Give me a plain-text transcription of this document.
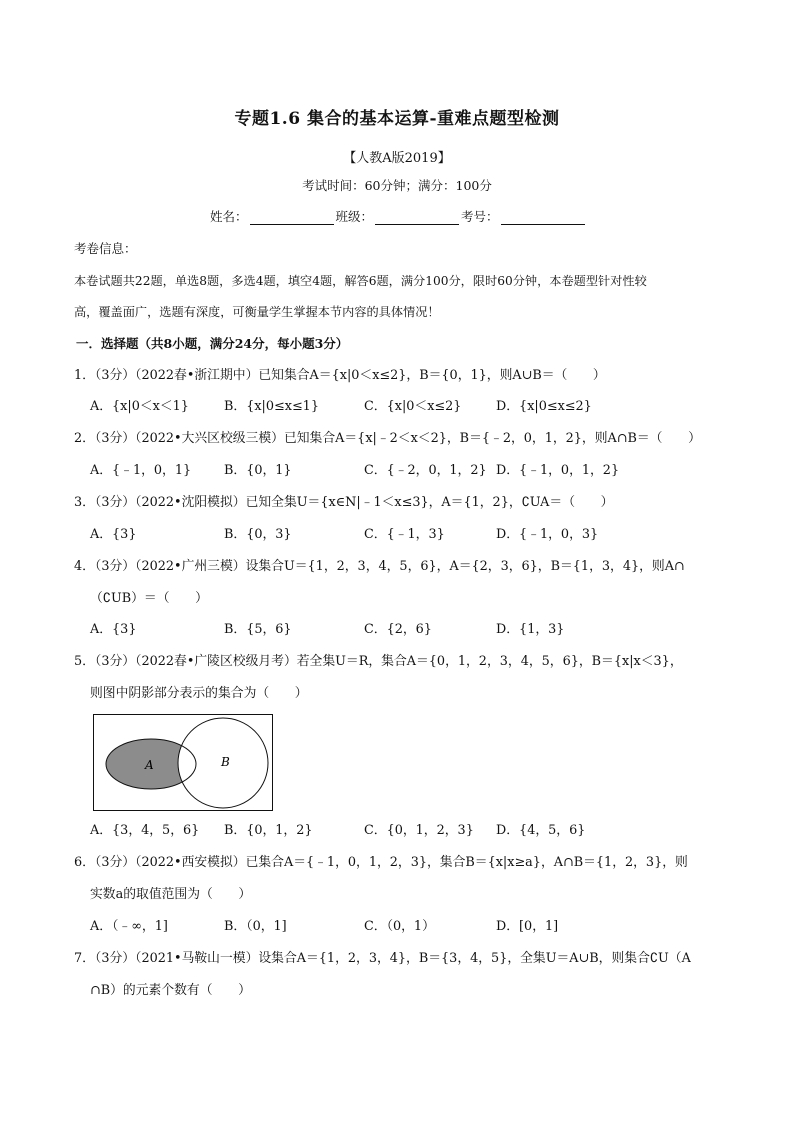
专题1.6 集合的基本运算-重难点题型检测
【人教A版2019】
考试时间：60分钟；满分：100分
姓名：	班级：	考号：
考卷信息：
本卷试题共22题，单选8题，多选4题，填空4题，解答6题，满分100分，限时60分钟，本卷题型针对性较
高，覆盖面广，选题有深度，可衡量学生掌握本节内容的具体情况！
一．选择题（共8小题，满分24分，每小题3分）
1．（3分）（2022春•浙江期中）已知集合A＝{x|0＜x≤2}，B＝{0，1}，则A∪B＝（　　）
A．{x|0＜x＜1}	B．{x|0≤x≤1}	C．{x|0＜x≤2}	D．{x|0≤x≤2}
2．（3分）（2022•大兴区校级三模）已知集合A＝{x|﹣2＜x＜2}，B＝{﹣2，0，1，2}，则A∩B＝（　　）
A．{﹣1，0，1}	B．{0，1}	C．{﹣2，0，1，2} D．{﹣1，0，1，2}
3．（3分）（2022•沈阳模拟）已知全集U＝{x∈N|﹣1＜x≤3}，A＝{1，2}，∁UA＝（　　）
A．{3}	B．{0，3}	C．{﹣1，3}	D．{﹣1，0，3}
4．（3分）（2022•广州三模）设集合U＝{1，2，3，4，5，6}，A＝{2，3，6}，B＝{1，3，4}，则A∩
（∁UB）＝（　　）
A．{3}	B．{5，6}	C．{2，6}	D．{1，3}
5．（3分）（2022春•广陵区校级月考）若全集U＝R，集合A＝{0，1，2，3，4，5，6}，B＝{x|x＜3}，
则图中阴影部分表示的集合为（　　）
A	B
A．{3，4，5，6} B．{0，1，2}	C．{0，1，2，3} D．{4，5，6}
6．（3分）（2022•西安模拟）已集合A＝{﹣1，0，1，2，3}，集合B＝{x|x≥a}，A∩B＝{1，2，3}，则
实数a的取值范围为（　　）
A．（﹣∞，1]	B．（0，1]	C．（0，1）	D．[0，1]
7．（3分）（2021•马鞍山一模）设集合A＝{1，2，3，4}，B＝{3，4，5}，全集U＝A∪B，则集合∁U（A
∩B）的元素个数有（　　）
